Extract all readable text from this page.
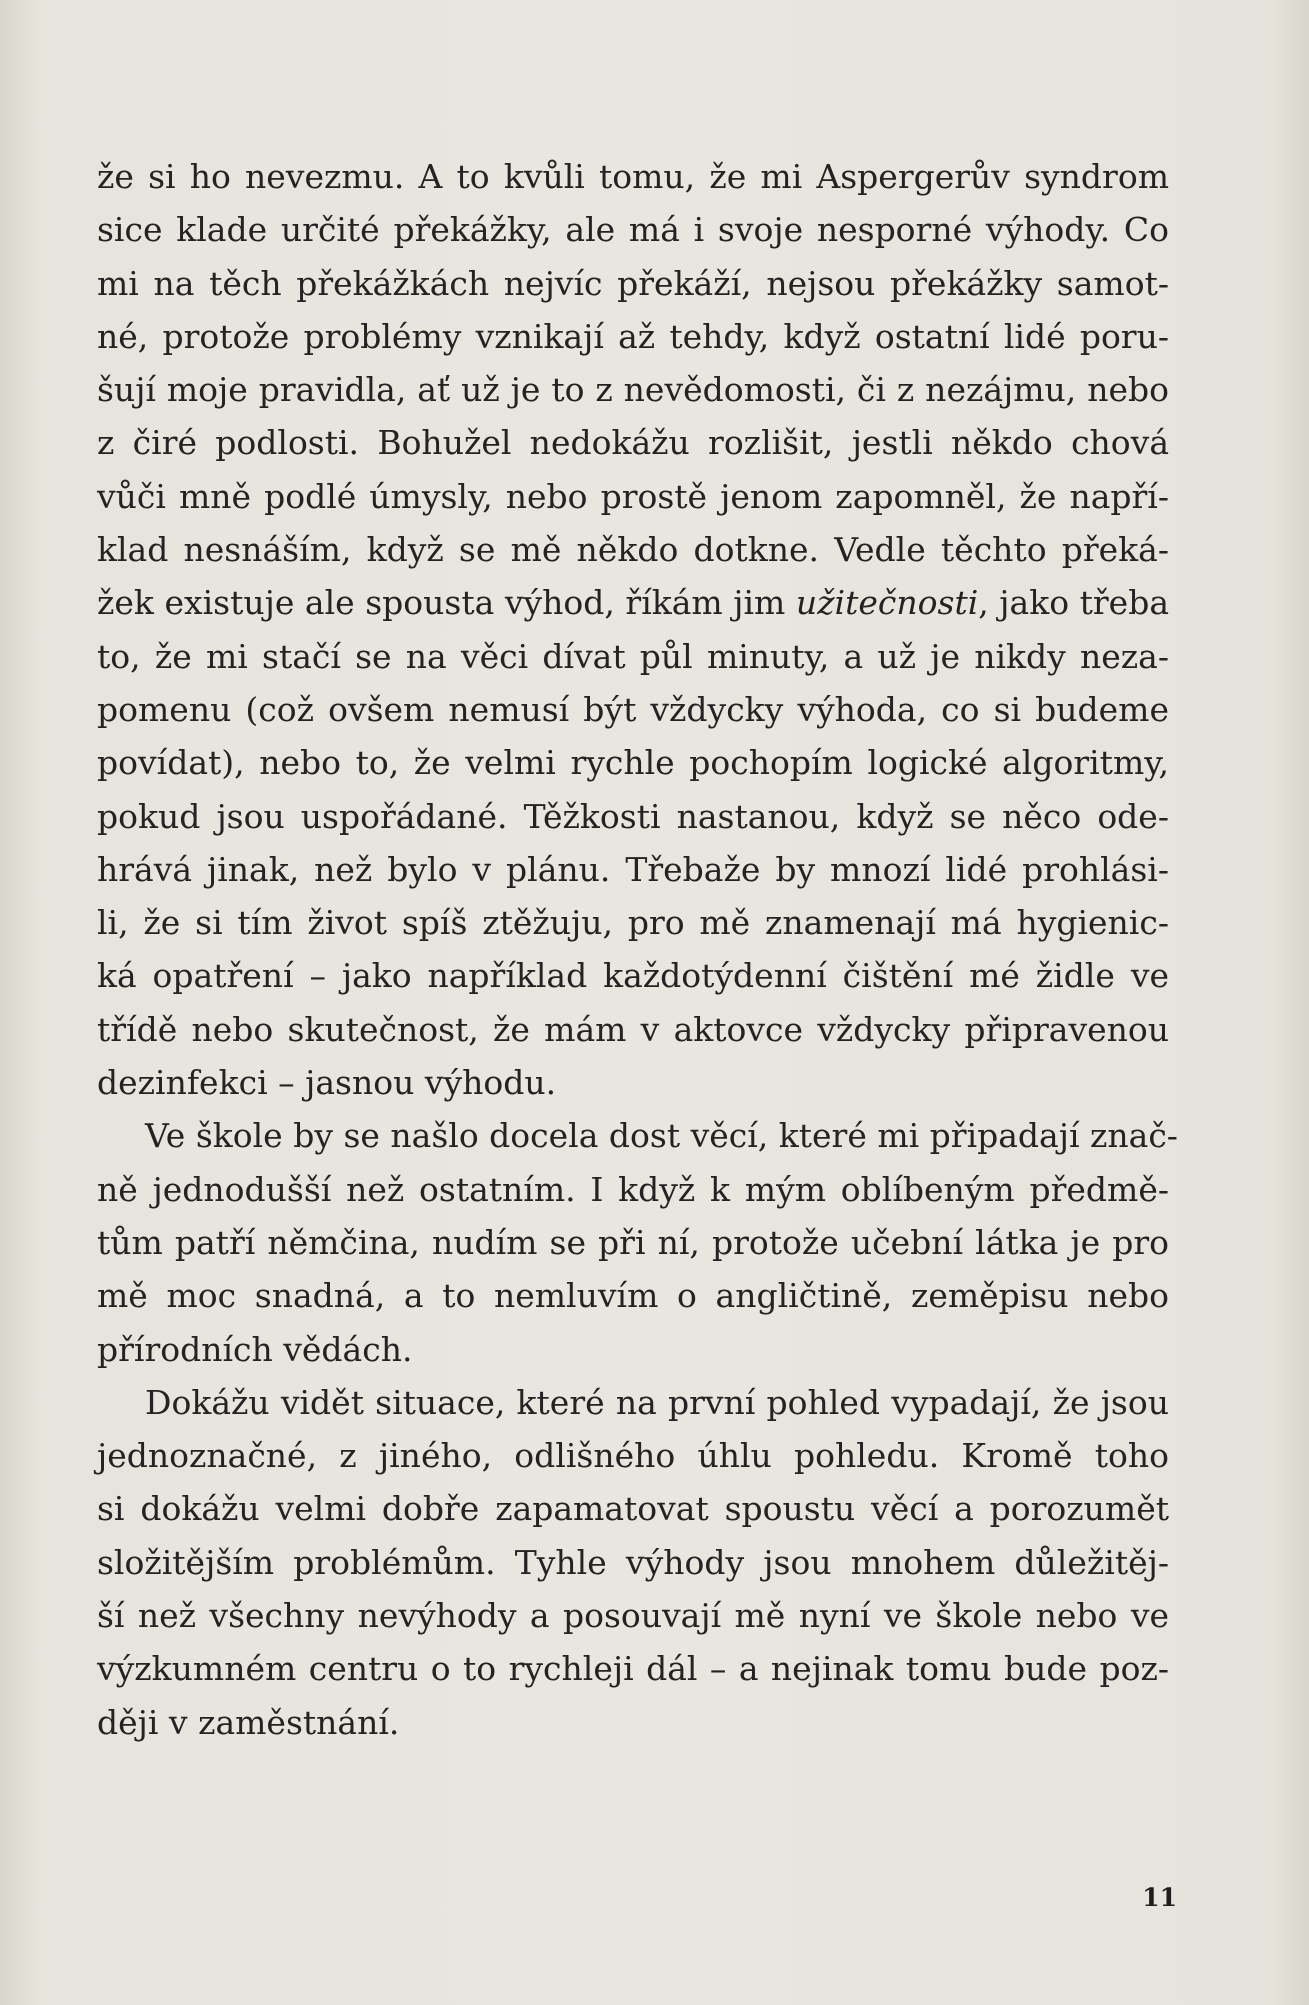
že si ho nevezmu. A to kvůli tomu, že mi Aspergerův syndrom
sice klade určité překážky, ale má i svoje nesporné výhody. Co
mi na těch překážkách nejvíc překáží, nejsou překážky samot-
né, protože problémy vznikají až tehdy, když ostatní lidé poru-
šují moje pravidla, ať už je to z nevědomosti, či z nezájmu, nebo
z čiré podlosti. Bohužel nedokážu rozlišit, jestli někdo chová
vůči mně podlé úmysly, nebo prostě jenom zapomněl, že napří-
klad nesnáším, když se mě někdo dotkne. Vedle těchto překá-
žek existuje ale spousta výhod, říkám jim užitečnosti, jako třeba
to, že mi stačí se na věci dívat půl minuty, a už je nikdy neza-
pomenu (což ovšem nemusí být vždycky výhoda, co si budeme
povídat), nebo to, že velmi rychle pochopím logické algoritmy,
pokud jsou uspořádané. Těžkosti nastanou, když se něco ode-
hrává jinak, než bylo v plánu. Třebaže by mnozí lidé prohlási-
li, že si tím život spíš ztěžuju, pro mě znamenají má hygienic-
ká opatření – jako například každotýdenní čištění mé židle ve
třídě nebo skutečnost, že mám v aktovce vždycky připravenou
dezinfekci – jasnou výhodu.
Ve škole by se našlo docela dost věcí, které mi připadají znač-
ně jednodušší než ostatním. I když k mým oblíbeným předmě-
tům patří němčina, nudím se při ní, protože učební látka je pro
mě moc snadná, a to nemluvím o angličtině, zeměpisu nebo
přírodních vědách.
Dokážu vidět situace, které na první pohled vypadají, že jsou
jednoznačné, z jiného, odlišného úhlu pohledu. Kromě toho
si dokážu velmi dobře zapamatovat spoustu věcí a porozumět
složitějším problémům. Tyhle výhody jsou mnohem důležitěj-
ší než všechny nevýhody a posouvají mě nyní ve škole nebo ve
výzkumném centru o to rychleji dál – a nejinak tomu bude poz-
ději v zaměstnání.
11
